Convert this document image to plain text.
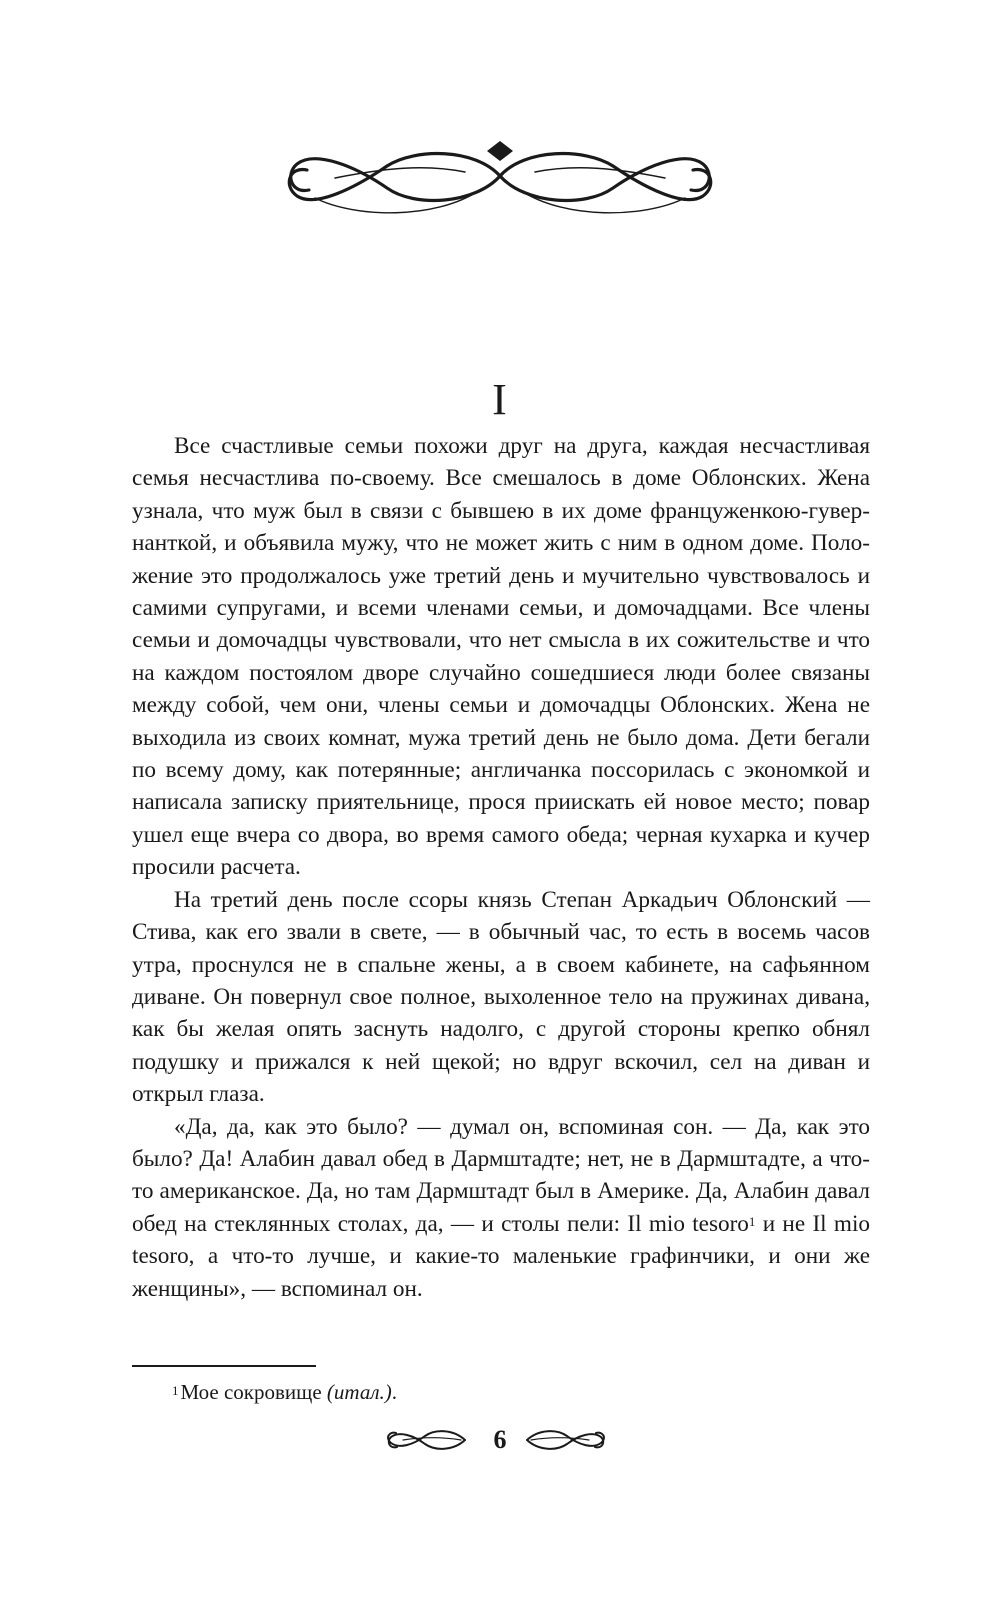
I

Все счастливые семьи похожи друг на друга, каждая несчастливая семья несчастлива по-своему. Все смешалось в доме Облонских. Жена узнала, что муж был в связи с бывшею в их доме француженкою-гувернанткой, и объявила мужу, что не может жить с ним в одном доме. Положение это продолжалось уже третий день и мучительно чувствовалось и самими супругами, и всеми членами семьи, и домочадцами. Все члены семьи и домочадцы чувствовали, что нет смысла в их сожительстве и что на каждом постоялом дворе случайно сошедшиеся люди более связаны между собой, чем они, члены семьи и домочадцы Облонских. Жена не выходила из своих комнат, мужа третий день не было дома. Дети бегали по всему дому, как потерянные; англичанка поссорилась с экономкой и написала записку приятельнице, прося приискать ей новое место; повар ушел еще вчера со двора, во время самого обеда; черная кухарка и кучер просили расчета.

На третий день после ссоры князь Степан Аркадьич Облонский — Стива, как его звали в свете, — в обычный час, то есть в восемь часов утра, проснулся не в спальне жены, а в своем кабинете, на сафьянном диване. Он повернул свое полное, выхоленное тело на пружинах дивана, как бы желая опять заснуть надолго, с другой стороны крепко обнял подушку и прижался к ней щекой; но вдруг вскочил, сел на диван и открыл глаза.

«Да, да, как это было? — думал он, вспоминая сон. — Да, как это было? Да! Алабин давал обед в Дармштадте; нет, не в Дармштадте, а что-то американское. Да, но там Дармштадт был в Америке. Да, Алабин давал обед на стеклянных столах, да, — и столы пели: Il mio tesoro$^1$ и не Il mio tesoro, а что-то лучше, и какие-то маленькие графинчики, и они же женщины», — вспоминал он.

$^1$Мое сокровище (итал.).
6
